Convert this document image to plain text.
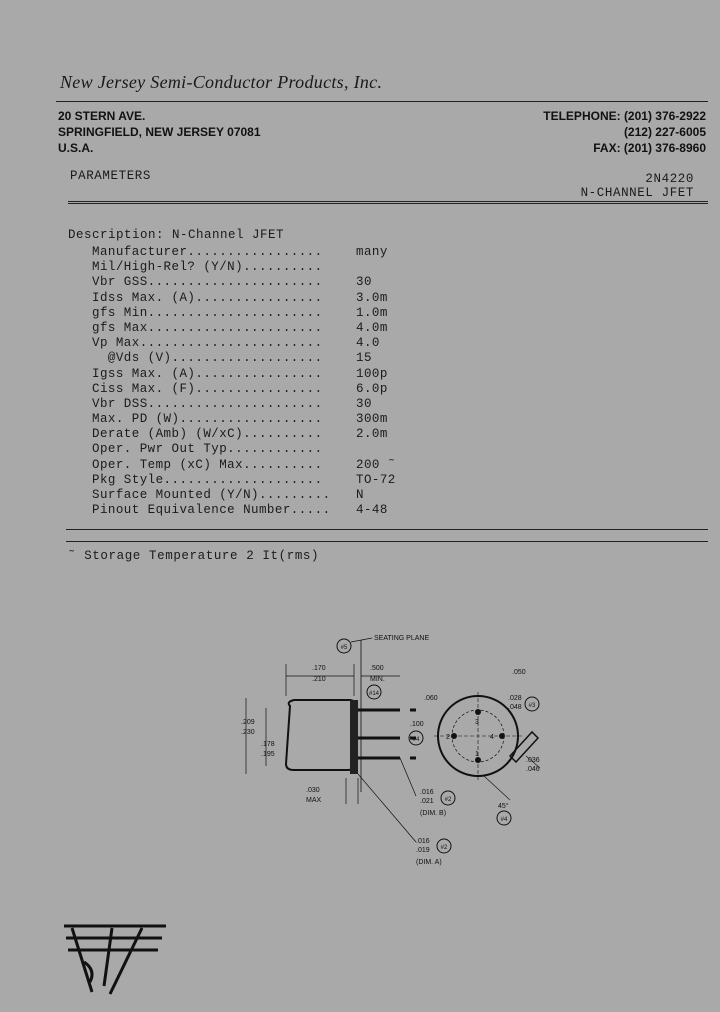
New Jersey Semi-Conductor Products, Inc.
20 STERN AVE.
SPRINGFIELD, NEW JERSEY 07081
U.S.A.
TELEPHONE: (201) 376-2922
(212) 227-6005
FAX: (201) 376-8960
PARAMETERS	2N4220
N-CHANNEL JFET
Description: N-Channel JFET
Manufacturer.................	many
Mil/High-Rel? (Y/N)..........
Vbr GSS......................	30
Idss Max. (A)................	3.0m
gfs Min......................	1.0m
gfs Max......................	4.0m
Vp Max.......................	4.0
@Vds (V)...................	15
Igss Max. (A)................	100p
Ciss Max. (F)................	6.0p
Vbr DSS......................	30
Max. PD (W)..................	300m
Derate (Amb) (W/xC)..........	2.0m
Oper. Pwr Out Typ............
Oper. Temp (xC) Max..........	200 ˜
Pkg Style....................	TO-72
Surface Mounted (Y/N)......... N
Pinout Equivalence Number..... 4-48
˜ Storage Temperature 2 It(rms)
#5
SEATING PLANE
.170
.210
.500
MIN.
#14
.209
.230
.178
.195
.030
MAX
3
2
1
4
.050
.060
.100
#4
.028
.048 #3
.036
.046
45°
#4
.016
.021 #2
(DIM. B)
.016
.019 #2
(DIM. A)
